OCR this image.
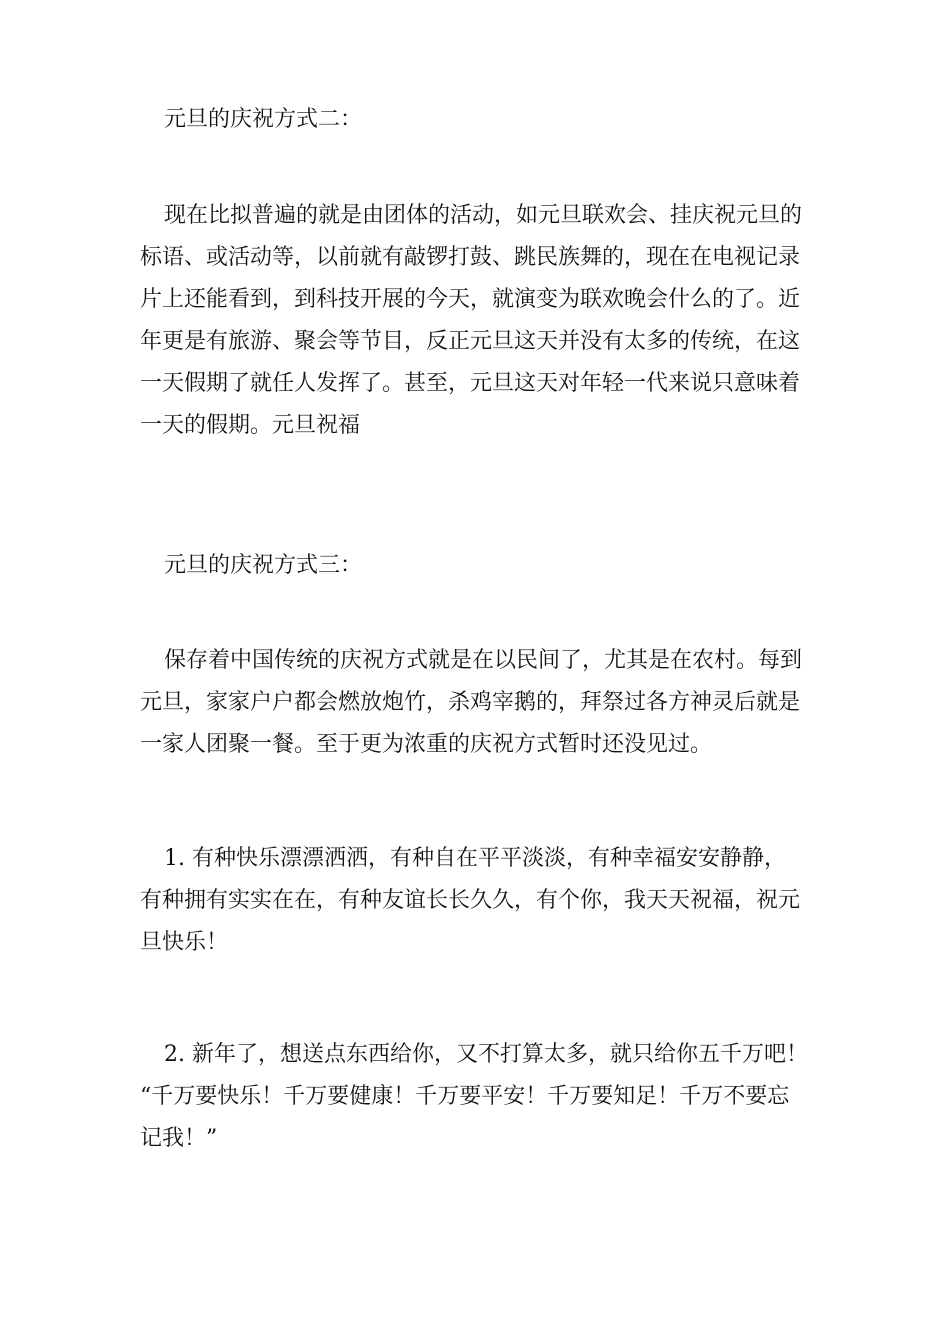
元旦的庆祝方式二：

现在比拟普遍的就是由团体的活动，如元旦联欢会、挂庆祝元旦的
标语、或活动等，以前就有敲锣打鼓、跳民族舞的，现在在电视记录
片上还能看到，到科技开展的今天，就演变为联欢晚会什么的了。近
年更是有旅游、聚会等节目，反正元旦这天并没有太多的传统，在这
一天假期了就任人发挥了。甚至，元旦这天对年轻一代来说只意味着
一天的假期。元旦祝福

元旦的庆祝方式三：

保存着中国传统的庆祝方式就是在以民间了，尤其是在农村。每到
元旦，家家户户都会燃放炮竹，杀鸡宰鹅的，拜祭过各方神灵后就是
一家人团聚一餐。至于更为浓重的庆祝方式暂时还没见过。

1. 有种快乐漂漂洒洒，有种自在平平淡淡，有种幸福安安静静，
有种拥有实实在在，有种友谊长长久久，有个你，我天天祝福，祝元
旦快乐！

2. 新年了，想送点东西给你，又不打算太多，就只给你五千万吧！
“千万要快乐！千万要健康！千万要平安！千万要知足！千万不要忘
记我！”
